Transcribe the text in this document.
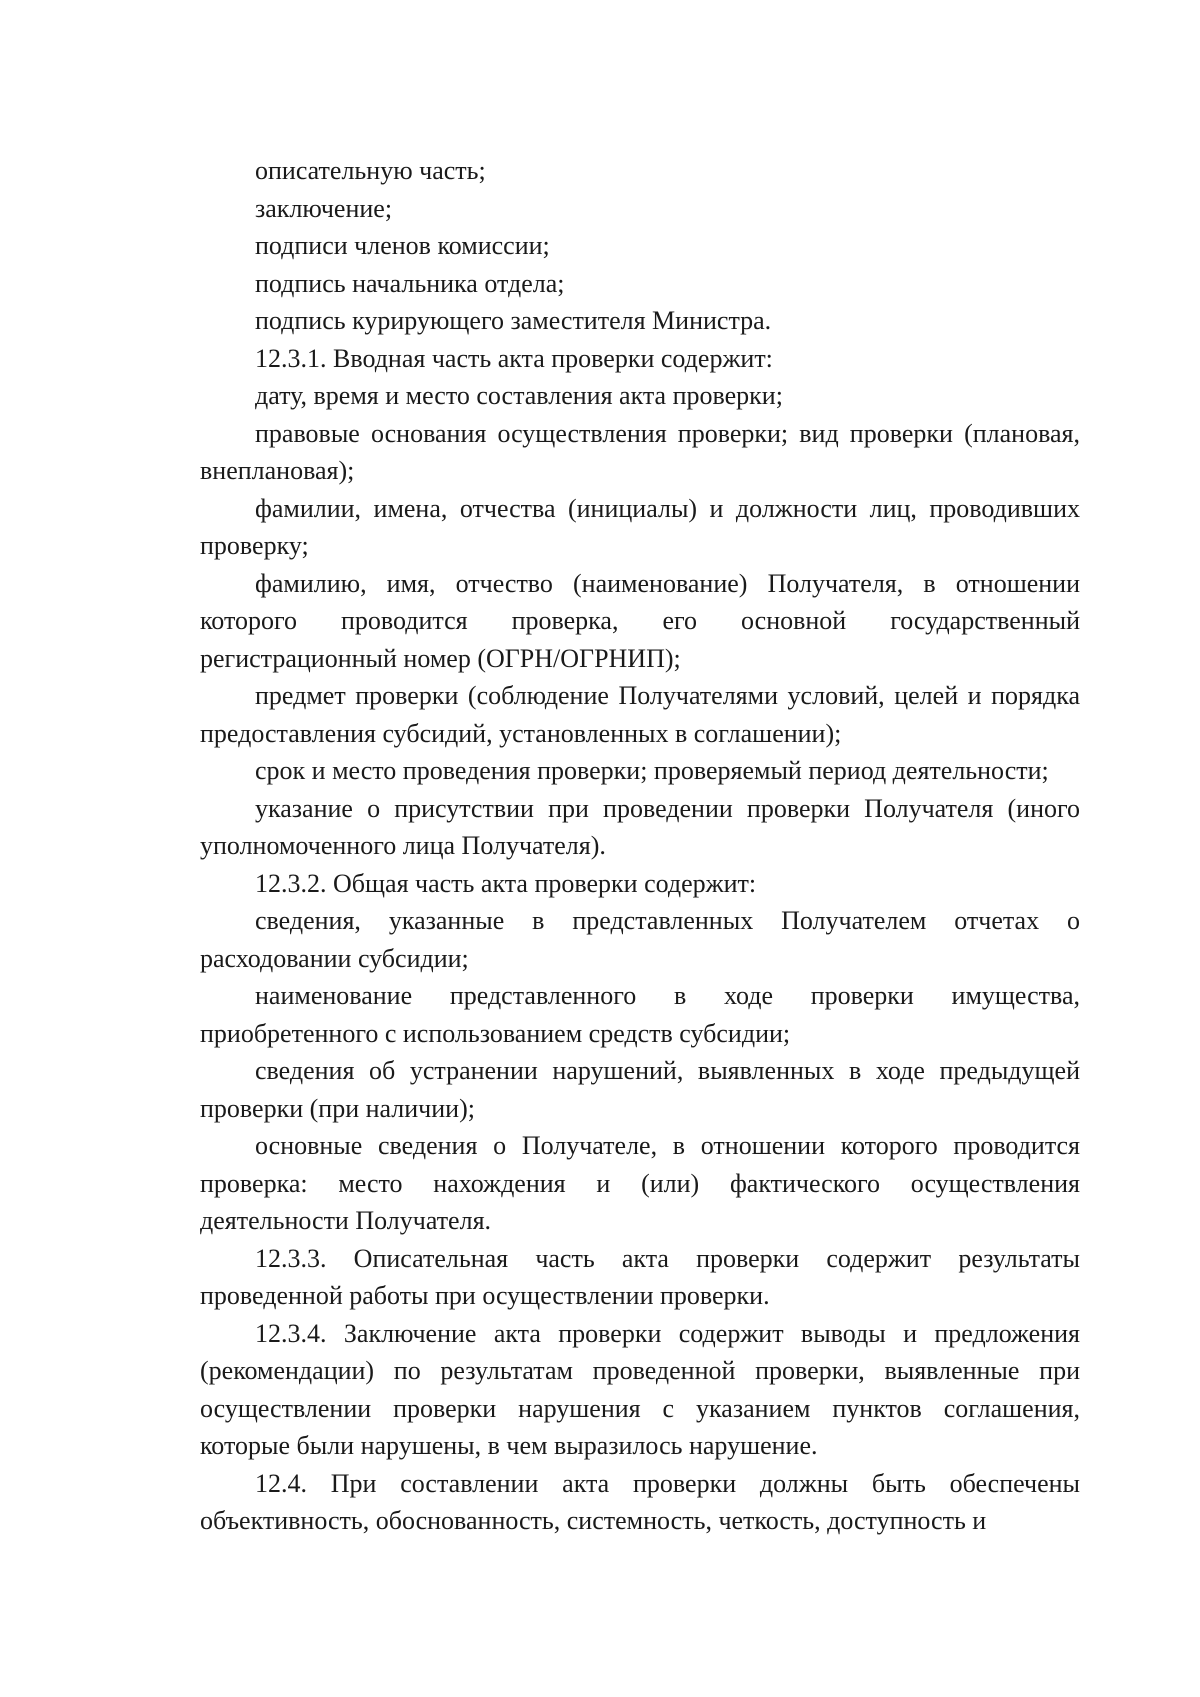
описательную часть;

заключение;

подписи членов комиссии;

подпись начальника отдела;

подпись курирующего заместителя Министра.

12.3.1. Вводная часть акта проверки содержит:

дату, время и место составления акта проверки;

правовые основания осуществления проверки; вид проверки (плановая, внеплановая);

фамилии, имена, отчества (инициалы) и должности лиц, проводивших проверку;

фамилию, имя, отчество (наименование) Получателя, в отношении которого проводится проверка, его основной государственный регистрационный номер (ОГРН/ОГРНИП);

предмет проверки (соблюдение Получателями условий, целей и порядка предоставления субсидий, установленных в соглашении);

срок и место проведения проверки; проверяемый период деятельности;

указание о присутствии при проведении проверки Получателя (иного уполномоченного лица Получателя).

12.3.2. Общая часть акта проверки содержит:

сведения, указанные в представленных Получателем отчетах о расходовании субсидии;

наименование представленного в ходе проверки имущества, приобретенного с использованием средств субсидии;

сведения об устранении нарушений, выявленных в ходе предыдущей проверки (при наличии);

основные сведения о Получателе, в отношении которого проводится проверка: место нахождения и (или) фактического осуществления деятельности Получателя.

12.3.3. Описательная часть акта проверки содержит результаты проведенной работы при осуществлении проверки.

12.3.4. Заключение акта проверки содержит выводы и предложения (рекомендации) по результатам проведенной проверки, выявленные при осуществлении проверки нарушения с указанием пунктов соглашения, которые были нарушены, в чем выразилось нарушение.

12.4. При составлении акта проверки должны быть обеспечены объективность, обоснованность, системность, четкость, доступность и
